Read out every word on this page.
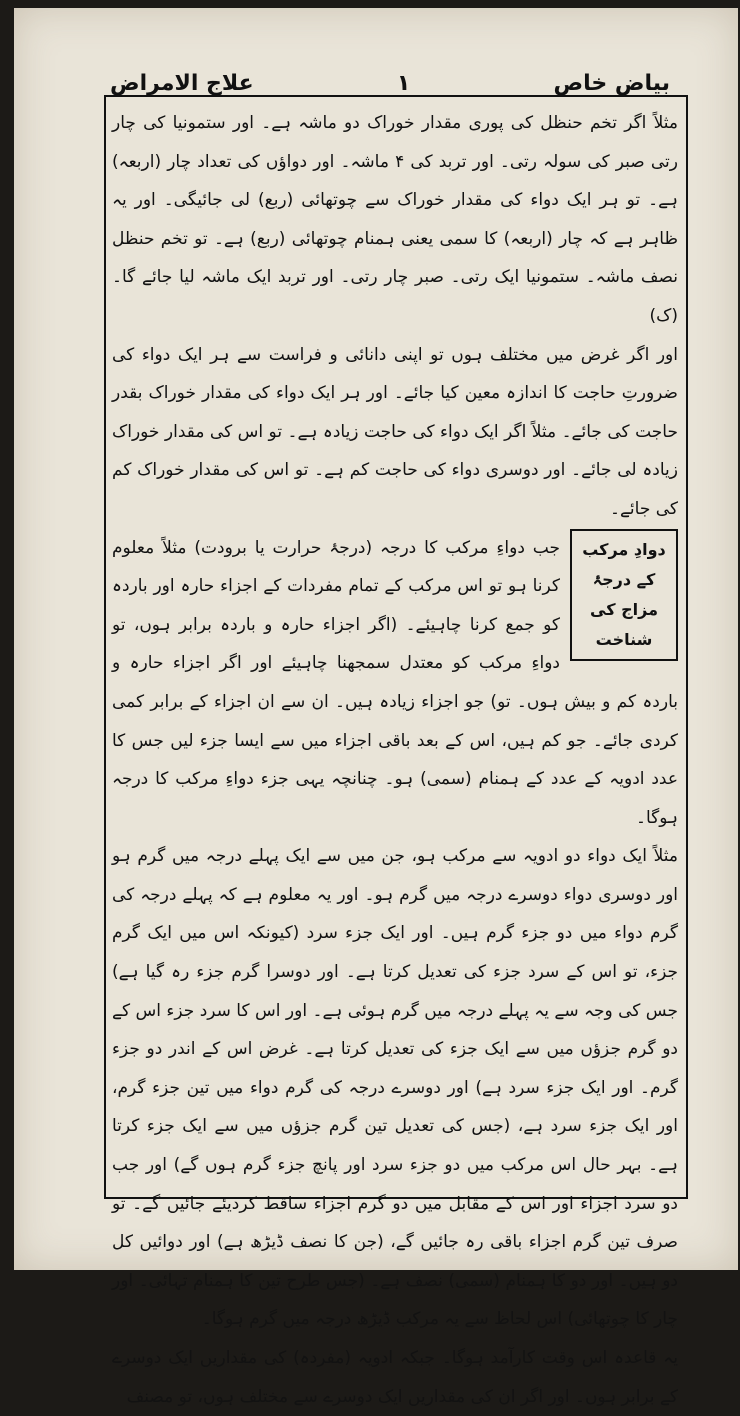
بیاض خاص
۱
علاج الامراض

مثلاً اگر تخم حنظل کی پوری مقدار خوراک دو ماشہ ہے۔ اور ستمونیا کی چار رتی صبر کی سولہ رتی۔ اور تربد کی ۴ ماشہ۔ اور دواؤں کی تعداد چار (اربعہ) ہے۔ تو ہر ایک دواء کی مقدار خوراک سے چوتھائی (ربع) لی جائیگی۔ اور یہ ظاہر ہے کہ چار (اربعہ) کا سمی یعنی ہمنام چوتھائی (ربع) ہے۔ تو تخم حنظل نصف ماشہ۔ ستمونیا ایک رتی۔ صبر چار رتی۔ اور تربد ایک ماشہ لیا جائے گا۔ (ک)

اور اگر غرض میں مختلف ہوں تو اپنی دانائی و فراست سے ہر ایک دواء کی ضرورتِ حاجت کا اندازہ معین کیا جائے۔ اور ہر ایک دواء کی مقدار خوراک بقدر حاجت کی جائے۔ مثلاً اگر ایک دواء کی حاجت زیادہ ہے۔ تو اس کی مقدار خوراک زیادہ لی جائے۔ اور دوسری دواء کی حاجت کم ہے۔ تو اس کی مقدار خوراک کم کی جائے۔

دوادِ مرکب کے درجۂ مزاج کی شناخت

جب دواءِ مرکب کا درجہ (درجۂ حرارت یا برودت) مثلاً معلوم کرنا ہو تو اس مرکب کے تمام مفردات کے اجزاء حارہ اور باردہ کو جمع کرنا چاہیئے۔ (اگر اجزاء حارہ و باردہ برابر ہوں، تو دواءِ مرکب کو معتدل سمجھنا چاہیئے اور اگر اجزاء حارہ و باردہ کم و بیش ہوں۔ تو) جو اجزاء زیادہ ہیں۔ ان سے ان اجزاء کے برابر کمی کردی جائے۔ جو کم ہیں، اس کے بعد باقی اجزاء میں سے ایسا جزء لیں جس کا عدد ادویہ کے عدد کے ہمنام (سمی) ہو۔ چنانچہ یہی جزء دواءِ مرکب کا درجہ ہوگا۔

مثلاً ایک دواء دو ادویہ سے مرکب ہو، جن میں سے ایک پہلے درجہ میں گرم ہو اور دوسری دواء دوسرے درجہ میں گرم ہو۔ اور یہ معلوم ہے کہ پہلے درجہ کی گرم دواء میں دو جزء گرم ہیں۔ اور ایک جزء سرد (کیونکہ اس میں ایک گرم جزء، تو اس کے سرد جزء کی تعدیل کرتا ہے۔ اور دوسرا گرم جزء رہ گیا ہے) جس کی وجہ سے یہ پہلے درجہ میں گرم ہوئی ہے۔ اور اس کا سرد جزء اس کے دو گرم جزؤں میں سے ایک جزء کی تعدیل کرتا ہے۔ غرض اس کے اندر دو جزء گرم۔ اور ایک جزء سرد ہے) اور دوسرے درجہ کی گرم دواء میں تین جزء گرم، اور ایک جزء سرد ہے، (جس کی تعدیل تین گرم جزؤں میں سے ایک جزء کرتا ہے۔ بہر حال اس مرکب میں دو جزء سرد اور پانچ جزء گرم ہوں گے) اور جب دو سرد اجزاء اور اس کے مقابل میں دو گرم اجزاء ساقط کردیئے جائیں گے۔ تو صرف تین گرم اجزاء باقی رہ جائیں گے، (جن کا نصف ڈیڑھ ہے) اور دوائیں کل دو ہیں۔ اور دو کا ہمنام (سمی) نصف ہے۔ (جس طرح تین کا ہمنام تہائی۔ اور چار کا چوتھائی) اس لحاظ سے یہ مرکب ڈیڑھ درجہ میں گرم ہوگا۔

یہ قاعدہ اس وقت کارآمد ہوگا۔ جبکہ ادویہ (مفردہ) کی مقداریں ایک دوسرے کے برابر ہوں۔ اور اگر ان کی مقداریں ایک دوسرے سے مختلف ہوں، تو مصنف
